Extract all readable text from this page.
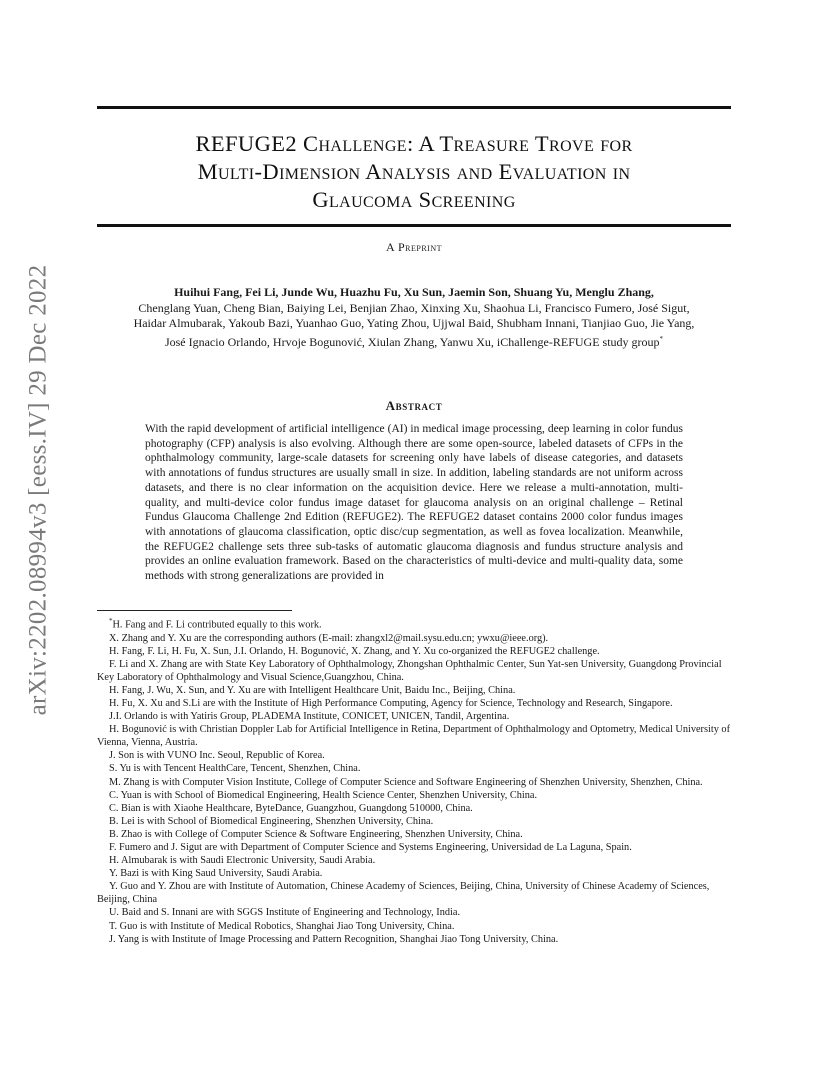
arXiv:2202.08994v3 [eess.IV] 29 Dec 2022
REFUGE2 Challenge: A Treasure Trove for
Multi-Dimension Analysis and Evaluation in
Glaucoma Screening
A Preprint
Huihui Fang, Fei Li, Junde Wu, Huazhu Fu, Xu Sun, Jaemin Son, Shuang Yu, Menglu Zhang,
Chenglang Yuan, Cheng Bian, Baiying Lei, Benjian Zhao, Xinxing Xu, Shaohua Li, Francisco Fumero, José Sigut,
Haidar Almubarak, Yakoub Bazi, Yuanhao Guo, Yating Zhou, Ujjwal Baid, Shubham Innani, Tianjiao Guo, Jie Yang,
José Ignacio Orlando, Hrvoje Bogunović, Xiulan Zhang, Yanwu Xu, iChallenge-REFUGE study group*
Abstract

With the rapid development of artificial intelligence (AI) in medical image processing, deep learning in color fundus photography (CFP) analysis is also evolving. Although there are some open-source, labeled datasets of CFPs in the ophthalmology community, large-scale datasets for screening only have labels of disease categories, and datasets with annotations of fundus structures are usually small in size. In addition, labeling standards are not uniform across datasets, and there is no clear information on the acquisition device. Here we release a multi-annotation, multi-quality, and multi-device color fundus image dataset for glaucoma analysis on an original challenge – Retinal Fundus Glaucoma Challenge 2nd Edition (REFUGE2). The REFUGE2 dataset contains 2000 color fundus images with annotations of glaucoma classification, optic disc/cup segmentation, as well as fovea localization. Meanwhile, the REFUGE2 challenge sets three sub-tasks of automatic glaucoma diagnosis and fundus structure analysis and provides an online evaluation framework. Based on the characteristics of multi-device and multi-quality data, some methods with strong generalizations are provided in

*H. Fang and F. Li contributed equally to this work.

X. Zhang and Y. Xu are the corresponding authors (E-mail: zhangxl2@mail.sysu.edu.cn; ywxu@ieee.org).

H. Fang, F. Li, H. Fu, X. Sun, J.I. Orlando, H. Bogunović, X. Zhang, and Y. Xu co-organized the REFUGE2 challenge.

F. Li and X. Zhang are with State Key Laboratory of Ophthalmology, Zhongshan Ophthalmic Center, Sun Yat-sen University, Guangdong Provincial Key Laboratory of Ophthalmology and Visual Science,Guangzhou, China.

H. Fang, J. Wu, X. Sun, and Y. Xu are with Intelligent Healthcare Unit, Baidu Inc., Beijing, China.

H. Fu, X. Xu and S.Li are with the Institute of High Performance Computing, Agency for Science, Technology and Research, Singapore.

J.I. Orlando is with Yatiris Group, PLADEMA Institute, CONICET, UNICEN, Tandil, Argentina.

H. Bogunović is with Christian Doppler Lab for Artificial Intelligence in Retina, Department of Ophthalmology and Optometry, Medical University of Vienna, Vienna, Austria.

J. Son is with VUNO Inc. Seoul, Republic of Korea.

S. Yu is with Tencent HealthCare, Tencent, Shenzhen, China.

M. Zhang is with Computer Vision Institute, College of Computer Science and Software Engineering of Shenzhen University, Shenzhen, China.

C. Yuan is with School of Biomedical Engineering, Health Science Center, Shenzhen University, China.

C. Bian is with Xiaohe Healthcare, ByteDance, Guangzhou, Guangdong 510000, China.

B. Lei is with School of Biomedical Engineering, Shenzhen University, China.

B. Zhao is with College of Computer Science & Software Engineering, Shenzhen University, China.

F. Fumero and J. Sigut are with Department of Computer Science and Systems Engineering, Universidad de La Laguna, Spain.

H. Almubarak is with Saudi Electronic University, Saudi Arabia.

Y. Bazi is with King Saud University, Saudi Arabia.

Y. Guo and Y. Zhou are with Institute of Automation, Chinese Academy of Sciences, Beijing, China, University of Chinese Academy of Sciences, Beijing, China

U. Baid and S. Innani are with SGGS Institute of Engineering and Technology, India.

T. Guo is with Institute of Medical Robotics, Shanghai Jiao Tong University, China.

J. Yang is with Institute of Image Processing and Pattern Recognition, Shanghai Jiao Tong University, China.
